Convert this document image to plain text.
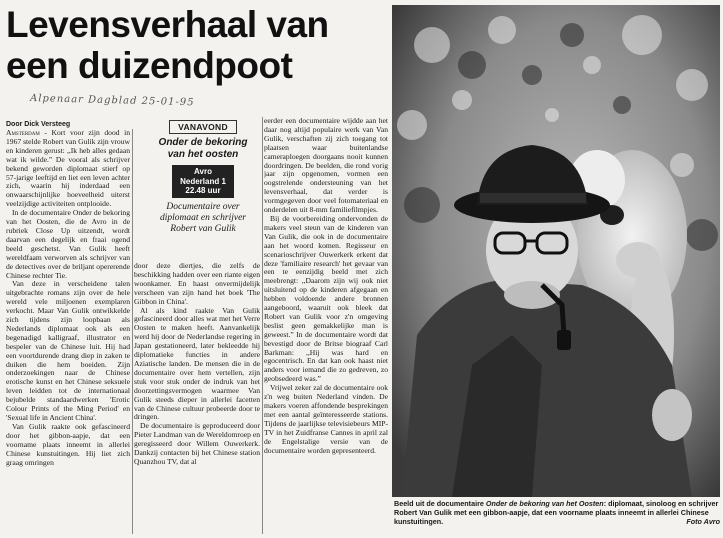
Levensverhaal van een duizendpoot
Alpenaar Dagblad 25-01-95
Door Dick Versteeg

Amsterdam - Kort voor zijn dood in 1967 stelde Robert van Gulik zijn vrouw en kinderen gerust: ,,Ik heb alles gedaan wat ik wilde.” De vooral als schrijver bekend geworden diplomaat stierf op 57-jarige leeftijd en liet een leven achter zich, waarin hij inderdaad een onwaarschijnlijke hoeveelheid uiterst veelzijdige activiteiten ontplooide.

In de documentaire Onder de bekoring van het Oosten, die de Avro in de rubriek Close Up uitzendt, wordt daarvan een degelijk en fraai ogend beeld geschetst. Van Gulik heeft wereldfaam verworven als schrijver van de detectives over de briljant opererende Chinese rechter Tie.

Van deze in verscheidene talen uitgebrachte romans zijn over de hele wereld vele miljoenen exemplaren verkocht. Maar Van Gulik ontwikkelde zich tijdens zijn loopbaan als Nederlands diplomaat ook als een begenadigd kalligraaf, illustrator en bespeler van de Chinese luit. Hij had een voortdurende drang diep in zaken te duiken die hem boeiden. Zijn onderzoekingen naar de Chinese erotische kunst en het Chinese seksuele leven leidden tot de internationaal bejubelde standaardwerken 'Erotic Colour Prints of the Ming Period' en 'Sexual life in Ancient China'.

Van Gulik raakte ook gefascineerd door het gibbon-aapje, dat een voorname plaats inneemt in allerlei Chinese kunstuitingen. Hij liet zich graag omringen

VANAVOND
Onder de bekoring van het oosten
Avro
Nederland 1
22.48 uur
Documentaire over diplomaat en schrijver Robert van Gulik

door deze diertjes, die zelfs de beschikking hadden over een riante eigen woonkamer. En haast onvermijdelijk verscheen van zijn hand het boek 'The Gibbon in China'.

Al als kind raakte Van Gulik gefascineerd door alles wat met het Verre Oosten te maken heeft. Aanvankelijk werd hij door de Nederlandse regering in Japan gestationeerd, later bekleedde hij diplomatieke functies in andere Aziatische landen. De mensen die in de documentaire over hem vertellen, zijn stuk voor stuk onder de indruk van het doorzettingsvermogen waarmee Van Gulik steeds dieper in allerlei facetten van de Chinese cultuur probeerde door te dringen.

De documentaire is geproduceerd door Pieter Landman van de Wereldomroep en geregisseerd door Willem Ouwerkerk. Dankzij contacten bij het Chinese station Quanzhou TV, dat al

eerder een documentaire wijdde aan het daar nog altijd populaire werk van Van Gulik, verschaften zij zich toegang tot plaatsen waar buitenlandse cameraploegen doorgaans nooit kunnen doordringen. De beelden, die rond vorig jaar zijn opgenomen, vormen een oogstrelende ondersteuning van het levensverhaal, dat verder is vormgegeven door veel fotomateriaal en onderdelen uit 8-mm familiefilmpjes.

Bij de voorbereiding ondervonden de makers veel steun van de kinderen van Van Gulik, die ook in de documentaire aan het woord komen. Regisseur en scenarioschrijver Ouwerkerk erkent dat deze 'familiaire research' het gevaar van een te eenzijdig beeld met zich meebrengt: ,,Daarom zijn wij ook niet uitsluitend op de kinderen afgegaan en hebben voldoende andere bronnen aangeboord, waaruit ook bleek dat Robert van Gulik voor z'n omgeving beslist geen gemakkelijke man is geweest.” In de documentaire wordt dat bevestigd door de Britse biograaf Carl Barkman: ,,Hij was hard en egocentrisch. En dat kan ook haast niet anders voor iemand die zo gedreven, zo geobsedeerd was.”

Vrijwel zeker zal de documentaire ook z'n weg buiten Nederland vinden. De makers voeren affondende besprekingen met een aantal geïnteresseerde stations. Tijdens de jaarlijkse televisiebeurs MIP-TV in het Zuidfranse Cannes in april zal de Engelstalige versie van de documentaire worden gepresenteerd.

Beeld uit de documentaire Onder de bekoring van het Oosten: diplomaat, sinoloog en schrijver Robert Van Gulik met een gibbon-aapje, dat een voorname plaats inneemt in allerlei Chinese kunstuitingen.	Foto Avro
